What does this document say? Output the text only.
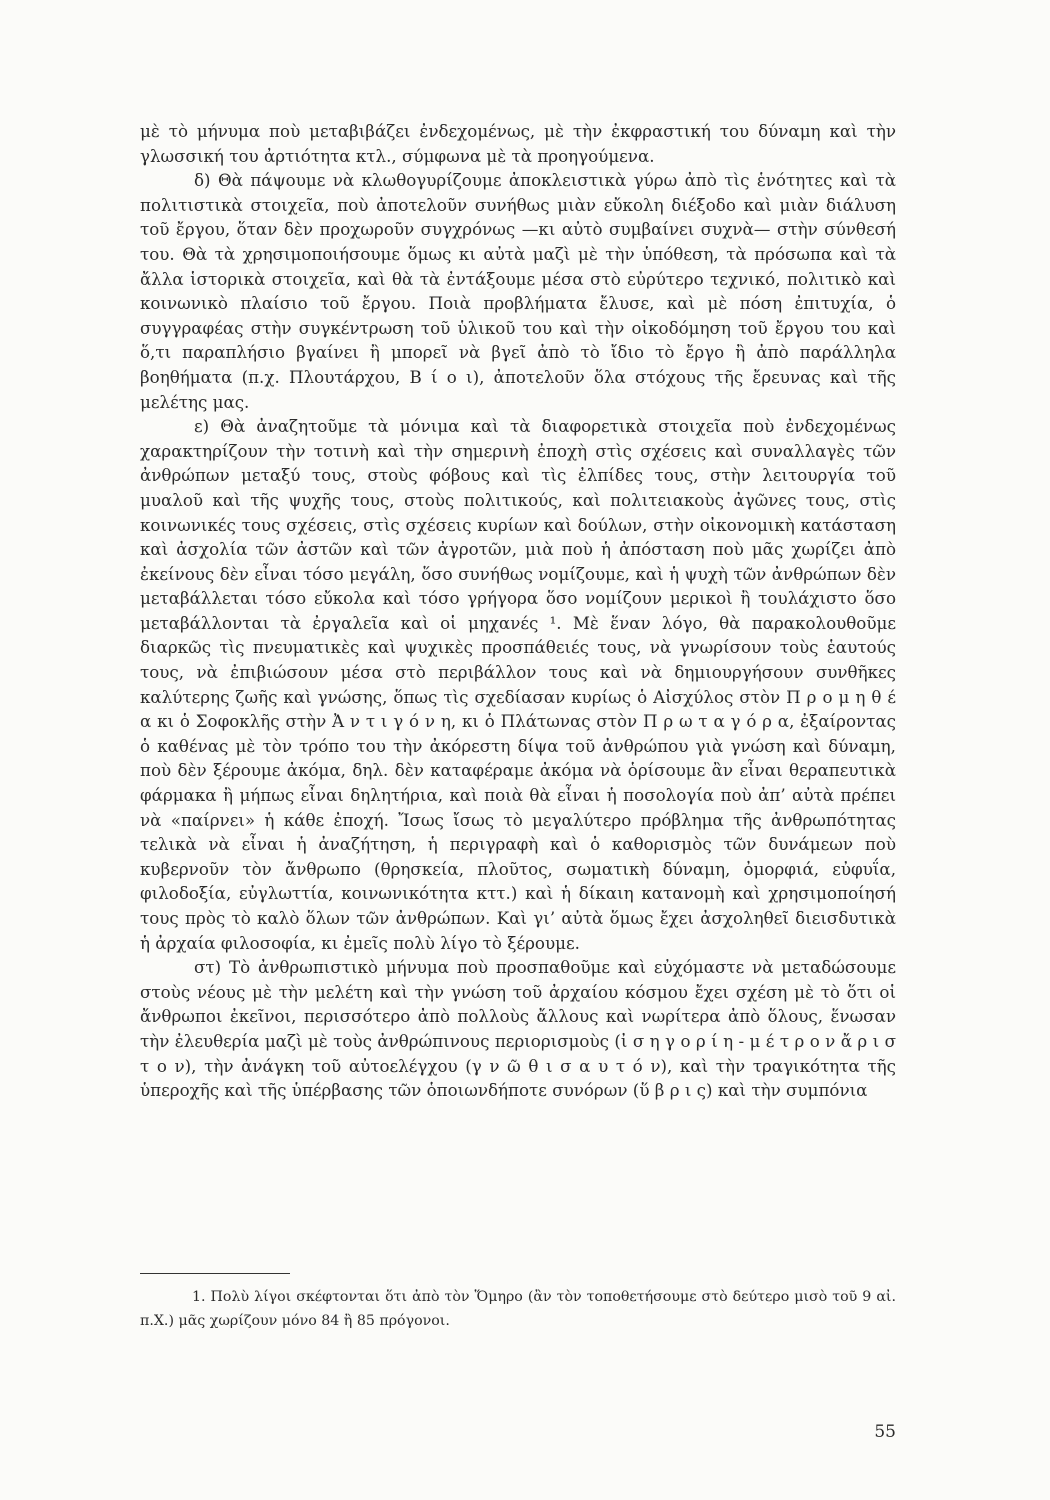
μὲ τὸ μήνυμα ποὺ μεταβιβάζει ἐνδεχομένως, μὲ τὴν ἐκφραστική του δύναμη καὶ τὴν γλωσσική του ἀρτιότητα κτλ., σύμφωνα μὲ τὰ προηγούμενα.

δ) Θὰ πάψουμε νὰ κλωθογυρίζουμε ἀποκλειστικὰ γύρω ἀπὸ τὶς ἑνότητες καὶ τὰ πολιτιστικὰ στοιχεῖα, ποὺ ἀποτελοῦν συνήθως μιὰν εὔκολη διέξοδο καὶ μιὰν διάλυση τοῦ ἔργου, ὅταν δὲν προχωροῦν συγχρόνως —κι αὐτὸ συμβαίνει συχνὰ— στὴν σύνθεσή του. Θὰ τὰ χρησιμοποιήσουμε ὅμως κι αὐτὰ μαζὶ μὲ τὴν ὑπόθεση, τὰ πρόσωπα καὶ τὰ ἄλλα ἱστορικὰ στοιχεῖα, καὶ θὰ τὰ ἐντάξουμε μέσα στὸ εὐρύτερο τεχνικό, πολιτικὸ καὶ κοινωνικὸ πλαίσιο τοῦ ἔργου. Ποιὰ προβλήματα ἔλυσε, καὶ μὲ πόση ἐπιτυχία, ὁ συγγραφέας στὴν συγκέντρωση τοῦ ὑλικοῦ του καὶ τὴν οἰκοδόμηση τοῦ ἔργου του καὶ ὅ,τι παραπλήσιο βγαίνει ἢ μπορεῖ νὰ βγεῖ ἀπὸ τὸ ἴδιο τὸ ἔργο ἢ ἀπὸ παράλληλα βοηθήματα (π.χ. Πλουτάρχου, Β ί ο ι), ἀποτελοῦν ὅλα στόχους τῆς ἔρευνας καὶ τῆς μελέτης μας.

ε) Θὰ ἀναζητοῦμε τὰ μόνιμα καὶ τὰ διαφορετικὰ στοιχεῖα ποὺ ἐνδεχομένως χαρακτηρίζουν τὴν τοτινὴ καὶ τὴν σημερινὴ ἐποχὴ στὶς σχέσεις καὶ συναλλαγὲς τῶν ἀνθρώπων μεταξύ τους, στοὺς φόβους καὶ τὶς ἐλπίδες τους, στὴν λειτουργία τοῦ μυαλοῦ καὶ τῆς ψυχῆς τους, στοὺς πολιτικούς, καὶ πολιτειακοὺς ἀγῶνες τους, στὶς κοινωνικές τους σχέσεις, στὶς σχέσεις κυρίων καὶ δούλων, στὴν οἰκονομικὴ κατάσταση καὶ ἀσχολία τῶν ἀστῶν καὶ τῶν ἀγροτῶν, μιὰ ποὺ ἡ ἀπόσταση ποὺ μᾶς χωρίζει ἀπὸ ἐκείνους δὲν εἶναι τόσο μεγάλη, ὅσο συνήθως νομίζουμε, καὶ ἡ ψυχὴ τῶν ἀνθρώπων δὲν μεταβάλλεται τόσο εὔκολα καὶ τόσο γρήγορα ὅσο νομίζουν μερικοὶ ἢ τουλάχιστο ὅσο μεταβάλλονται τὰ ἐργαλεῖα καὶ οἱ μηχανές ¹. Μὲ ἕναν λόγο, θὰ παρακολουθοῦμε διαρκῶς τὶς πνευματικὲς καὶ ψυχικὲς προσπάθειές τους, νὰ γνωρίσουν τοὺς ἑαυτούς τους, νὰ ἐπιβιώσουν μέσα στὸ περιβάλλον τους καὶ νὰ δημιουργήσουν συνθῆκες καλύτερης ζωῆς καὶ γνώσης, ὅπως τὶς σχεδίασαν κυρίως ὁ Αἰσχύλος στὸν Π ρ ο μ η θ έ α κι ὁ Σοφοκλῆς στὴν Ἀ ν τ ι γ ό ν η, κι ὁ Πλάτωνας στὸν Π ρ ω τ α γ ό ρ α, ἐξαίροντας ὁ καθένας μὲ τὸν τρόπο του τὴν ἀκόρεστη δίψα τοῦ ἀνθρώπου γιὰ γνώση καὶ δύναμη, ποὺ δὲν ξέρουμε ἀκόμα, δηλ. δὲν καταφέραμε ἀκόμα νὰ ὁρίσουμε ἂν εἶναι θεραπευτικὰ φάρμακα ἢ μήπως εἶναι δηλητήρια, καὶ ποιὰ θὰ εἶναι ἡ ποσολογία ποὺ ἀπ’ αὐτὰ πρέπει νὰ «παίρνει» ἡ κάθε ἐποχή. Ἴσως ἴσως τὸ μεγαλύτερο πρόβλημα τῆς ἀνθρωπότητας τελικὰ νὰ εἶναι ἡ ἀναζήτηση, ἡ περιγραφὴ καὶ ὁ καθορισμὸς τῶν δυνάμεων ποὺ κυβερνοῦν τὸν ἄνθρωπο (θρησκεία, πλοῦτος, σωματικὴ δύναμη, ὀμορφιά, εὐφυΐα, φιλοδοξία, εὐγλωττία, κοινωνικότητα κττ.) καὶ ἡ δίκαιη κατανομὴ καὶ χρησιμοποίησή τους πρὸς τὸ καλὸ ὅλων τῶν ἀνθρώπων. Καὶ γι’ αὐτὰ ὅμως ἔχει ἀσχοληθεῖ διεισδυτικὰ ἡ ἀρχαία φιλοσοφία, κι ἐμεῖς πολὺ λίγο τὸ ξέρουμε.

στ) Τὸ ἀνθρωπιστικὸ μήνυμα ποὺ προσπαθοῦμε καὶ εὐχόμαστε νὰ μεταδώσουμε στοὺς νέους μὲ τὴν μελέτη καὶ τὴν γνώση τοῦ ἀρχαίου κόσμου ἔχει σχέση μὲ τὸ ὅτι οἱ ἄνθρωποι ἐκεῖνοι, περισσότερο ἀπὸ πολλοὺς ἄλλους καὶ νωρίτερα ἀπὸ ὅλους, ἕνωσαν τὴν ἐλευθερία μαζὶ μὲ τοὺς ἀνθρώπινους περιορισμοὺς (ἰ σ η γ ο ρ ί η - μ έ τ ρ ο ν ἄ ρ ι σ τ ο ν), τὴν ἀνάγκη τοῦ αὐτοελέγχου (γ ν ῶ θ ι σ α υ τ ό ν), καὶ τὴν τραγικότητα τῆς ὑπεροχῆς καὶ τῆς ὑπέρβασης τῶν ὁποιωνδήποτε συνόρων (ὕ β ρ ι ς) καὶ τὴν συμπόνια

1. Πολὺ λίγοι σκέφτονται ὅτι ἀπὸ τὸν Ὅμηρο (ἂν τὸν τοποθετήσουμε στὸ δεύτερο μισὸ τοῦ 9 αἰ. π.Χ.) μᾶς χωρίζουν μόνο 84 ἢ 85 πρόγονοι.

55
